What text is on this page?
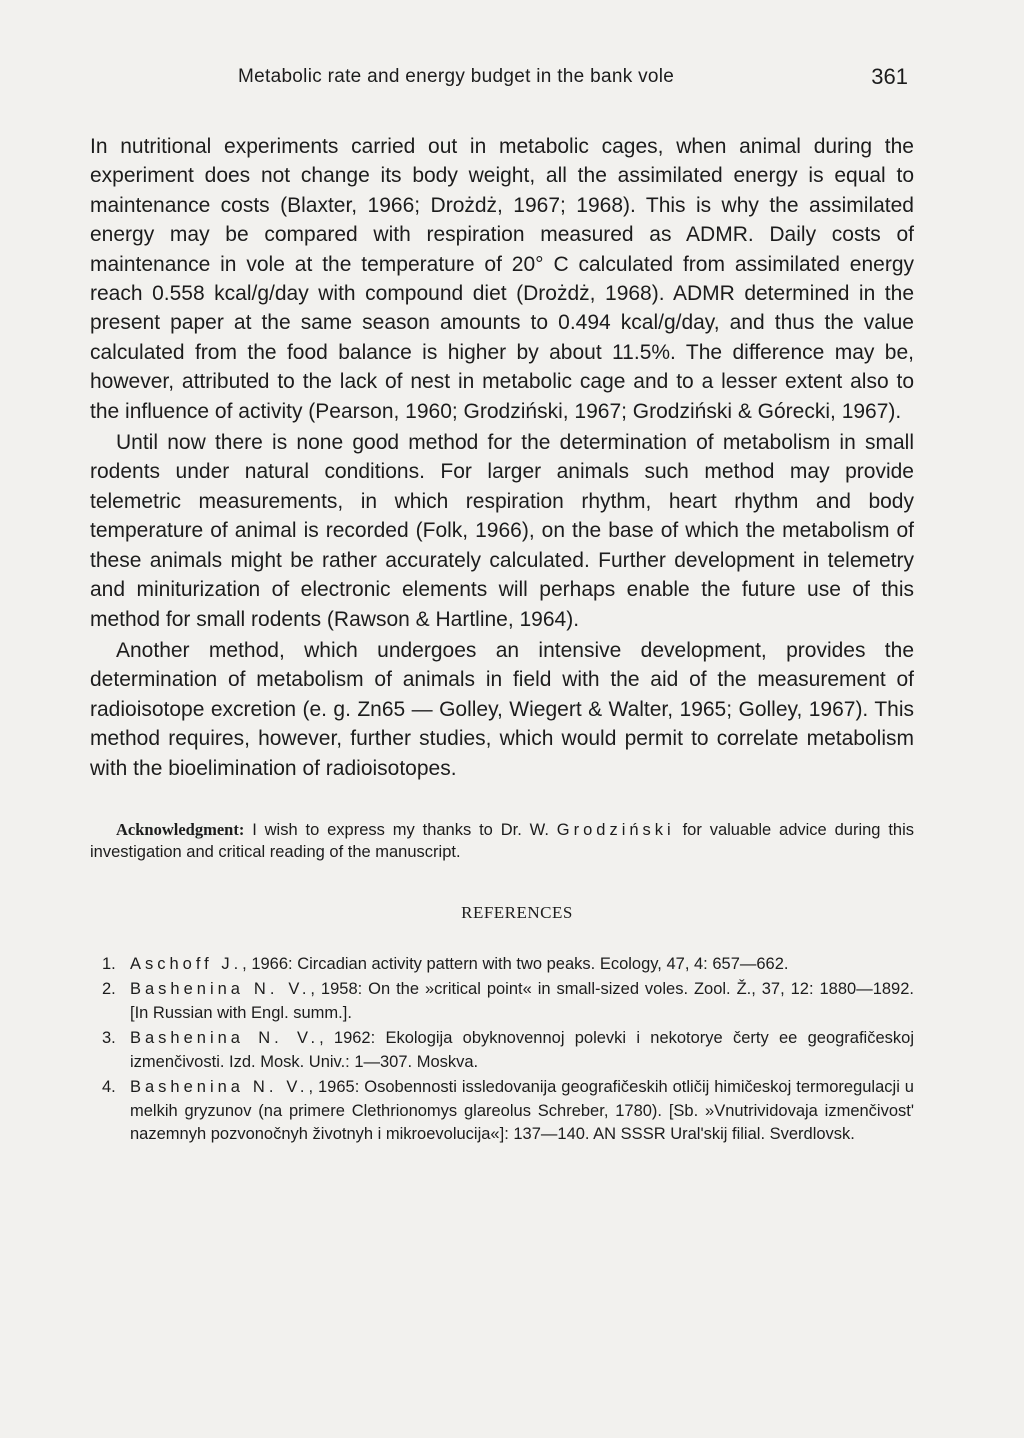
Metabolic rate and energy budget in the bank vole	361

In nutritional experiments carried out in metabolic cages, when animal during the experiment does not change its body weight, all the assimilated energy is equal to maintenance costs (Blaxter, 1966; Drożdż, 1967; 1968). This is why the assimilated energy may be compared with respiration measured as ADMR. Daily costs of maintenance in vole at the temperature of 20° C calculated from assimilated energy reach 0.558 kcal/g/day with compound diet (Drożdż, 1968). ADMR determined in the present paper at the same season amounts to 0.494 kcal/g/day, and thus the value calculated from the food balance is higher by about 11.5%. The difference may be, however, attributed to the lack of nest in metabolic cage and to a lesser extent also to the influence of activity (Pearson, 1960; Grodziński, 1967; Grodziński & Górecki, 1967).

Until now there is none good method for the determination of metabolism in small rodents under natural conditions. For larger animals such method may provide telemetric measurements, in which respiration rhythm, heart rhythm and body temperature of animal is recorded (Folk, 1966), on the base of which the metabolism of these animals might be rather accurately calculated. Further development in telemetry and miniturization of electronic elements will perhaps enable the future use of this method for small rodents (Rawson & Hartline, 1964).

Another method, which undergoes an intensive development, provides the determination of metabolism of animals in field with the aid of the measurement of radioisotope excretion (e. g. Zn65 — Golley, Wiegert & Walter, 1965; Golley, 1967). This method requires, however, further studies, which would permit to correlate metabolism with the bioelimination of radioisotopes.

Acknowledgment: I wish to express my thanks to Dr. W. Grodziński for valuable advice during this investigation and critical reading of the manuscript.
REFERENCES
1. Aschoff J., 1966: Circadian activity pattern with two peaks. Ecology, 47, 4: 657—662.
2. Bashenina N. V., 1958: On the »critical point« in small-sized voles. Zool. Ž., 37, 12: 1880—1892. [In Russian with Engl. summ.].
3. Bashenina N. V., 1962: Ekologija obyknovennoj polevki i nekotorye čerty ee geografičeskoj izmenčivosti. Izd. Mosk. Univ.: 1—307. Moskva.
4. Bashenina N. V., 1965: Osobennosti issledovanija geografičeskih otličij himičeskoj termoregulacji u melkih gryzunov (na primere Clethrionomys glareolus Schreber, 1780). [Sb. »Vnutrividovaja izmenčivost' nazemnyh pozvonočnyh životnyh i mikroevolucija«]: 137—140. AN SSSR Ural'skij filial. Sverdlovsk.
